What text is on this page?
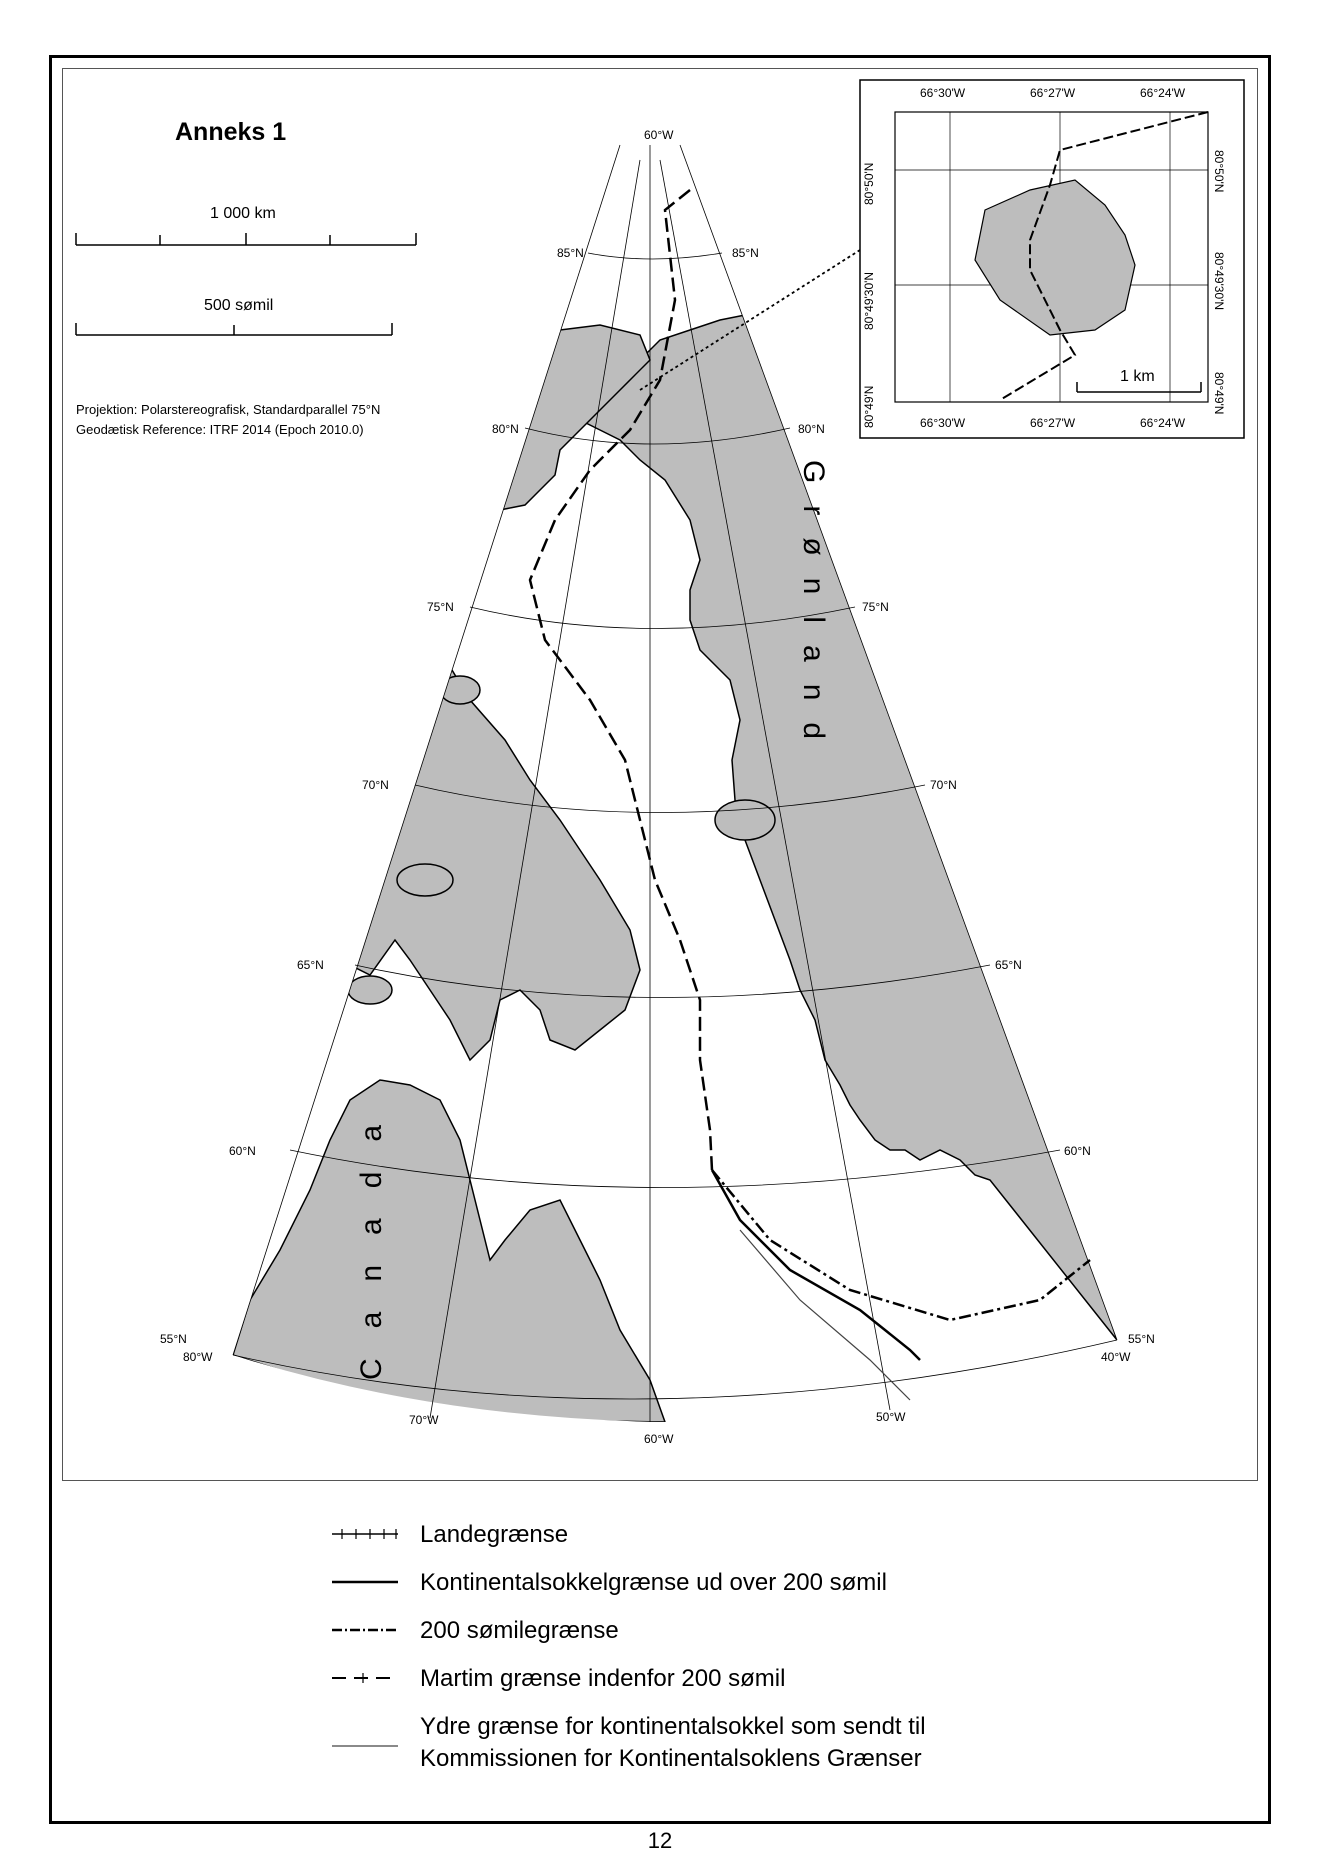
Anneks 1
1 000 km
500 sømil
Projektion: Polarstereografisk, Standardparallel 75°N
Geodætisk Reference: ITRF 2014 (Epoch 2010.0)
85°N	85°N
80°N	80°N
75°N	75°N
70°N	70°N
65°N	65°N
60°N	60°N
55°N	55°N
60°W
80°W
70°W
60°W
50°W
40°W
Grønland
Canada
66°30'W	66°27'W	66°24'W
66°30'W	66°27'W	66°24'W
80°50'N
80°49'30'N
80°49'N
80°50'N
80°49'30'N
80°49'N
1 km
Landegrænse
Kontinentalsokkelgrænse ud over 200 sømil
200 sømilegrænse
Martim grænse indenfor 200 sømil
Ydre grænse for kontinentalsokkel som sendt til
Kommissionen for Kontinentalsoklens Grænser
12
